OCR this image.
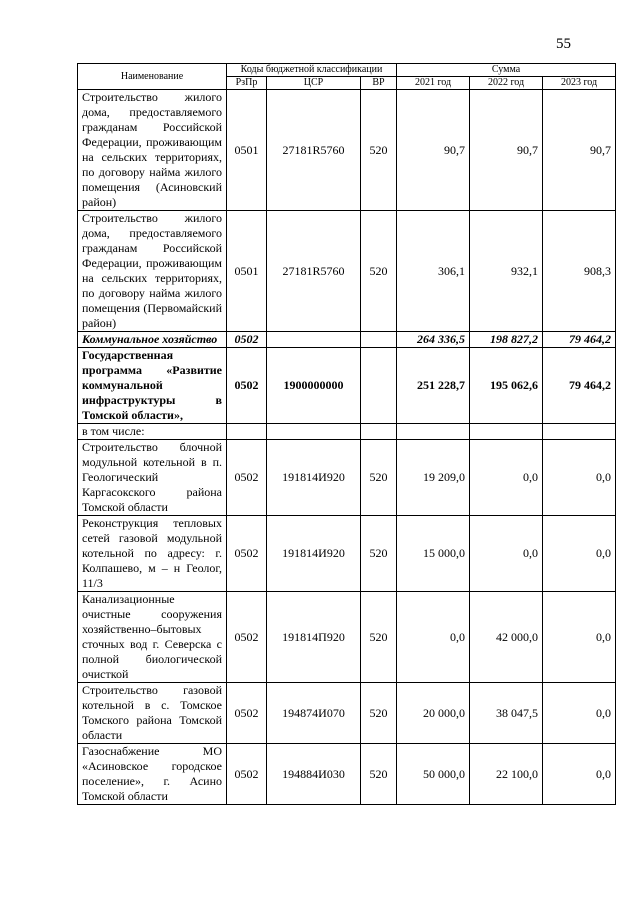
55
Наименование	Коды бюджетной классификации			Сумма		
	РзПр	ЦСР	ВР	2021 год	2022 год	2023 год
Строительство жилого дома, предоставляемого гражданам Российской Федерации, проживающим на сельских территориях, по договору найма жилого помещения (Асиновский район)	0501	27181R5760	520	90,7	90,7	90,7
Строительство жилого дома, предоставляемого гражданам Российской Федерации, проживающим на сельских территориях, по договору найма жилого помещения (Первомайский район)	0501	27181R5760	520	306,1	932,1	908,3
Коммунальное хозяйство	0502			264 336,5	198 827,2	79 464,2
Государственная программа «Развитие коммунальной инфраструктуры в Томской области»,	0502	1900000000		251 228,7	195 062,6	79 464,2
в том числе:						
Строительство блочной модульной котельной в п. Геологический Каргасокского района Томской области	0502	191814И920	520	19 209,0	0,0	0,0
Реконструкция тепловых сетей газовой модульной котельной по адресу: г. Колпашево, м – н Геолог, 11/3	0502	191814И920	520	15 000,0	0,0	0,0
Канализационные очистные сооружения хозяйственно–бытовых сточных вод г. Северска с полной биологической очисткой	0502	191814П920	520	0,0	42 000,0	0,0
Строительство газовой котельной в с. Томское Томского района Томской области	0502	194874И070	520	20 000,0	38 047,5	0,0
Газоснабжение МО «Асиновское городское поселение», г. Асино Томской области	0502	194884И030	520	50 000,0	22 100,0	0,0
